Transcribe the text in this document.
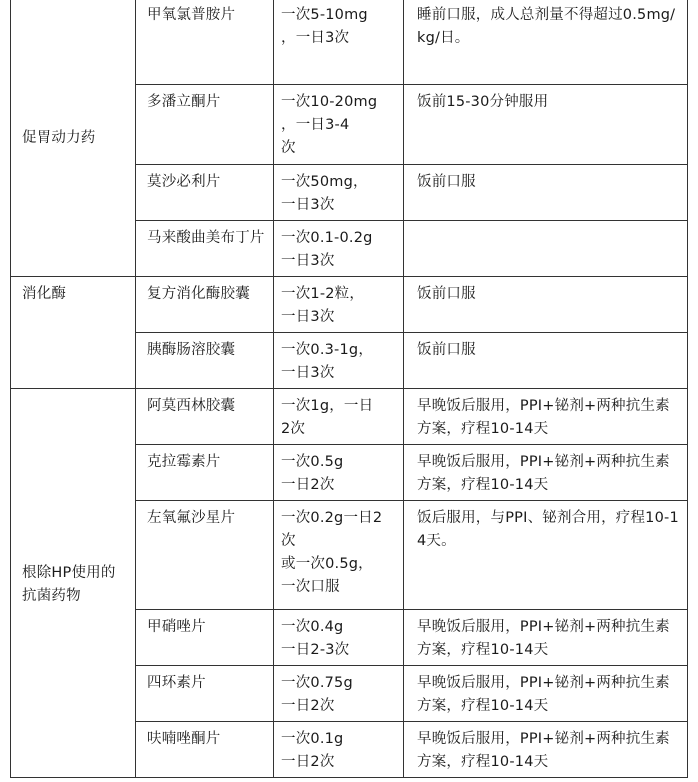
促胃动力药	甲氧氯普胺片	一次5-10mg
，一日3次	睡前口服，成人总剂量不得超过0.5mg/kg/日。
	多潘立酮片	一次10-20mg
，一日3-4
次	饭前15-30分钟服用
	莫沙必利片	一次50mg，
一日3次	饭前口服
	马来酸曲美布丁片	一次0.1-0.2g
一日3次	

消化酶	复方消化酶胶囊	一次1-2粒，
一日3次	饭前口服
	胰酶肠溶胶囊	一次0.3-1g，
一日3次	饭前口服
根除HP使用的抗菌药物	阿莫西林胶囊	一次1g，一日
2次	早晚饭后服用，PPI+铋剂+两种抗生素方案，疗程10-14天
	克拉霉素片	一次0.5g
一日2次	早晚饭后服用，PPI+铋剂+两种抗生素方案，疗程10-14天
	左氧氟沙星片	一次0.2g一日2次
或一次0.5g，
一次口服	饭后服用，与PPI、铋剂合用，疗程10-14天。
	甲硝唑片	一次0.4g
一日2-3次	早晚饭后服用，PPI+铋剂+两种抗生素方案，疗程10-14天
	四环素片	一次0.75g
一日2次	早晚饭后服用，PPI+铋剂+两种抗生素方案，疗程10-14天
	呋喃唑酮片	一次0.1g
一日2次	早晚饭后服用，PPI+铋剂+两种抗生素方案，疗程10-14天
